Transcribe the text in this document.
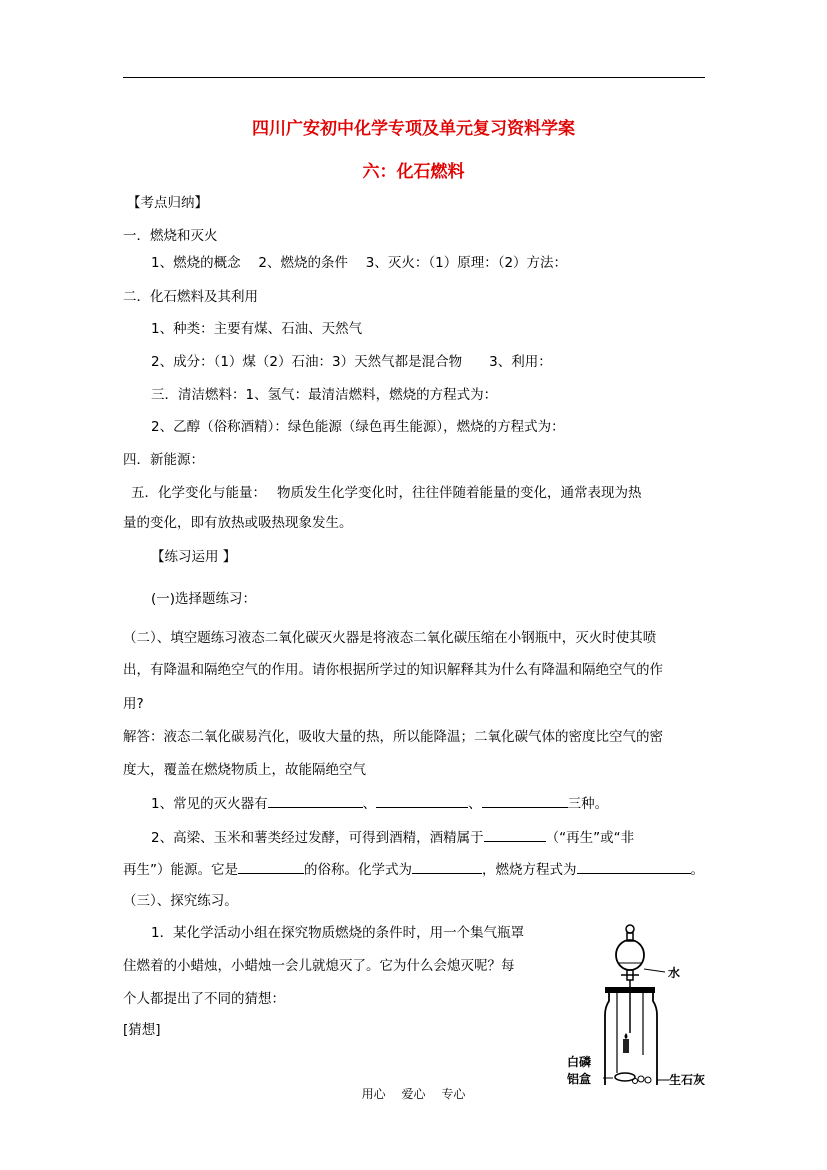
四川广安初中化学专项及单元复习资料学案
六：化石燃料
【考点归纳】
一．燃烧和灭火
1、燃烧的概念　 2、燃烧的条件　 3、灭火：（1）原理：（2）方法：
二．化石燃料及其利用
1、种类：主要有煤、石油、天然气
2、成分：（1）煤（2）石油：3）天然气都是混合物　　3、利用：
三．清洁燃料：1、氢气：最清洁燃料，燃烧的方程式为：
2、乙醇（俗称酒精）：绿色能源（绿色再生能源），燃烧的方程式为：
四．新能源：
五．化学变化与能量：　 物质发生化学变化时，往往伴随着能量的变化，通常表现为热
量的变化，即有放热或吸热现象发生。
【练习运用 】
(一)选择题练习：
（二）、填空题练习液态二氧化碳灭火器是将液态二氧化碳压缩在小钢瓶中，灭火时使其喷
出，有降温和隔绝空气的作用。请你根据所学过的知识解释其为什么有降温和隔绝空气的作
用?
解答：液态二氧化碳易汽化，吸收大量的热，所以能降温；二氧化碳气体的密度比空气的密
度大，覆盖在燃烧物质上，故能隔绝空气
1、常见的灭火器有	、	、	三种。
2、高梁、玉米和薯类经过发酵，可得到酒精，酒精属于	（“再生”或“非
再生”）能源。它是	的俗称。化学式为	，燃烧方程式为	。
（三）、探究练习。
1．某化学活动小组在探究物质燃烧的条件时，用一个集气瓶罩
住燃着的小蜡烛，小蜡烛一会儿就熄灭了。它为什么会熄灭呢？每
个人都提出了不同的猜想：
[猜想]
水
白磷
铝盒	生石灰
用心 爱心 专心
